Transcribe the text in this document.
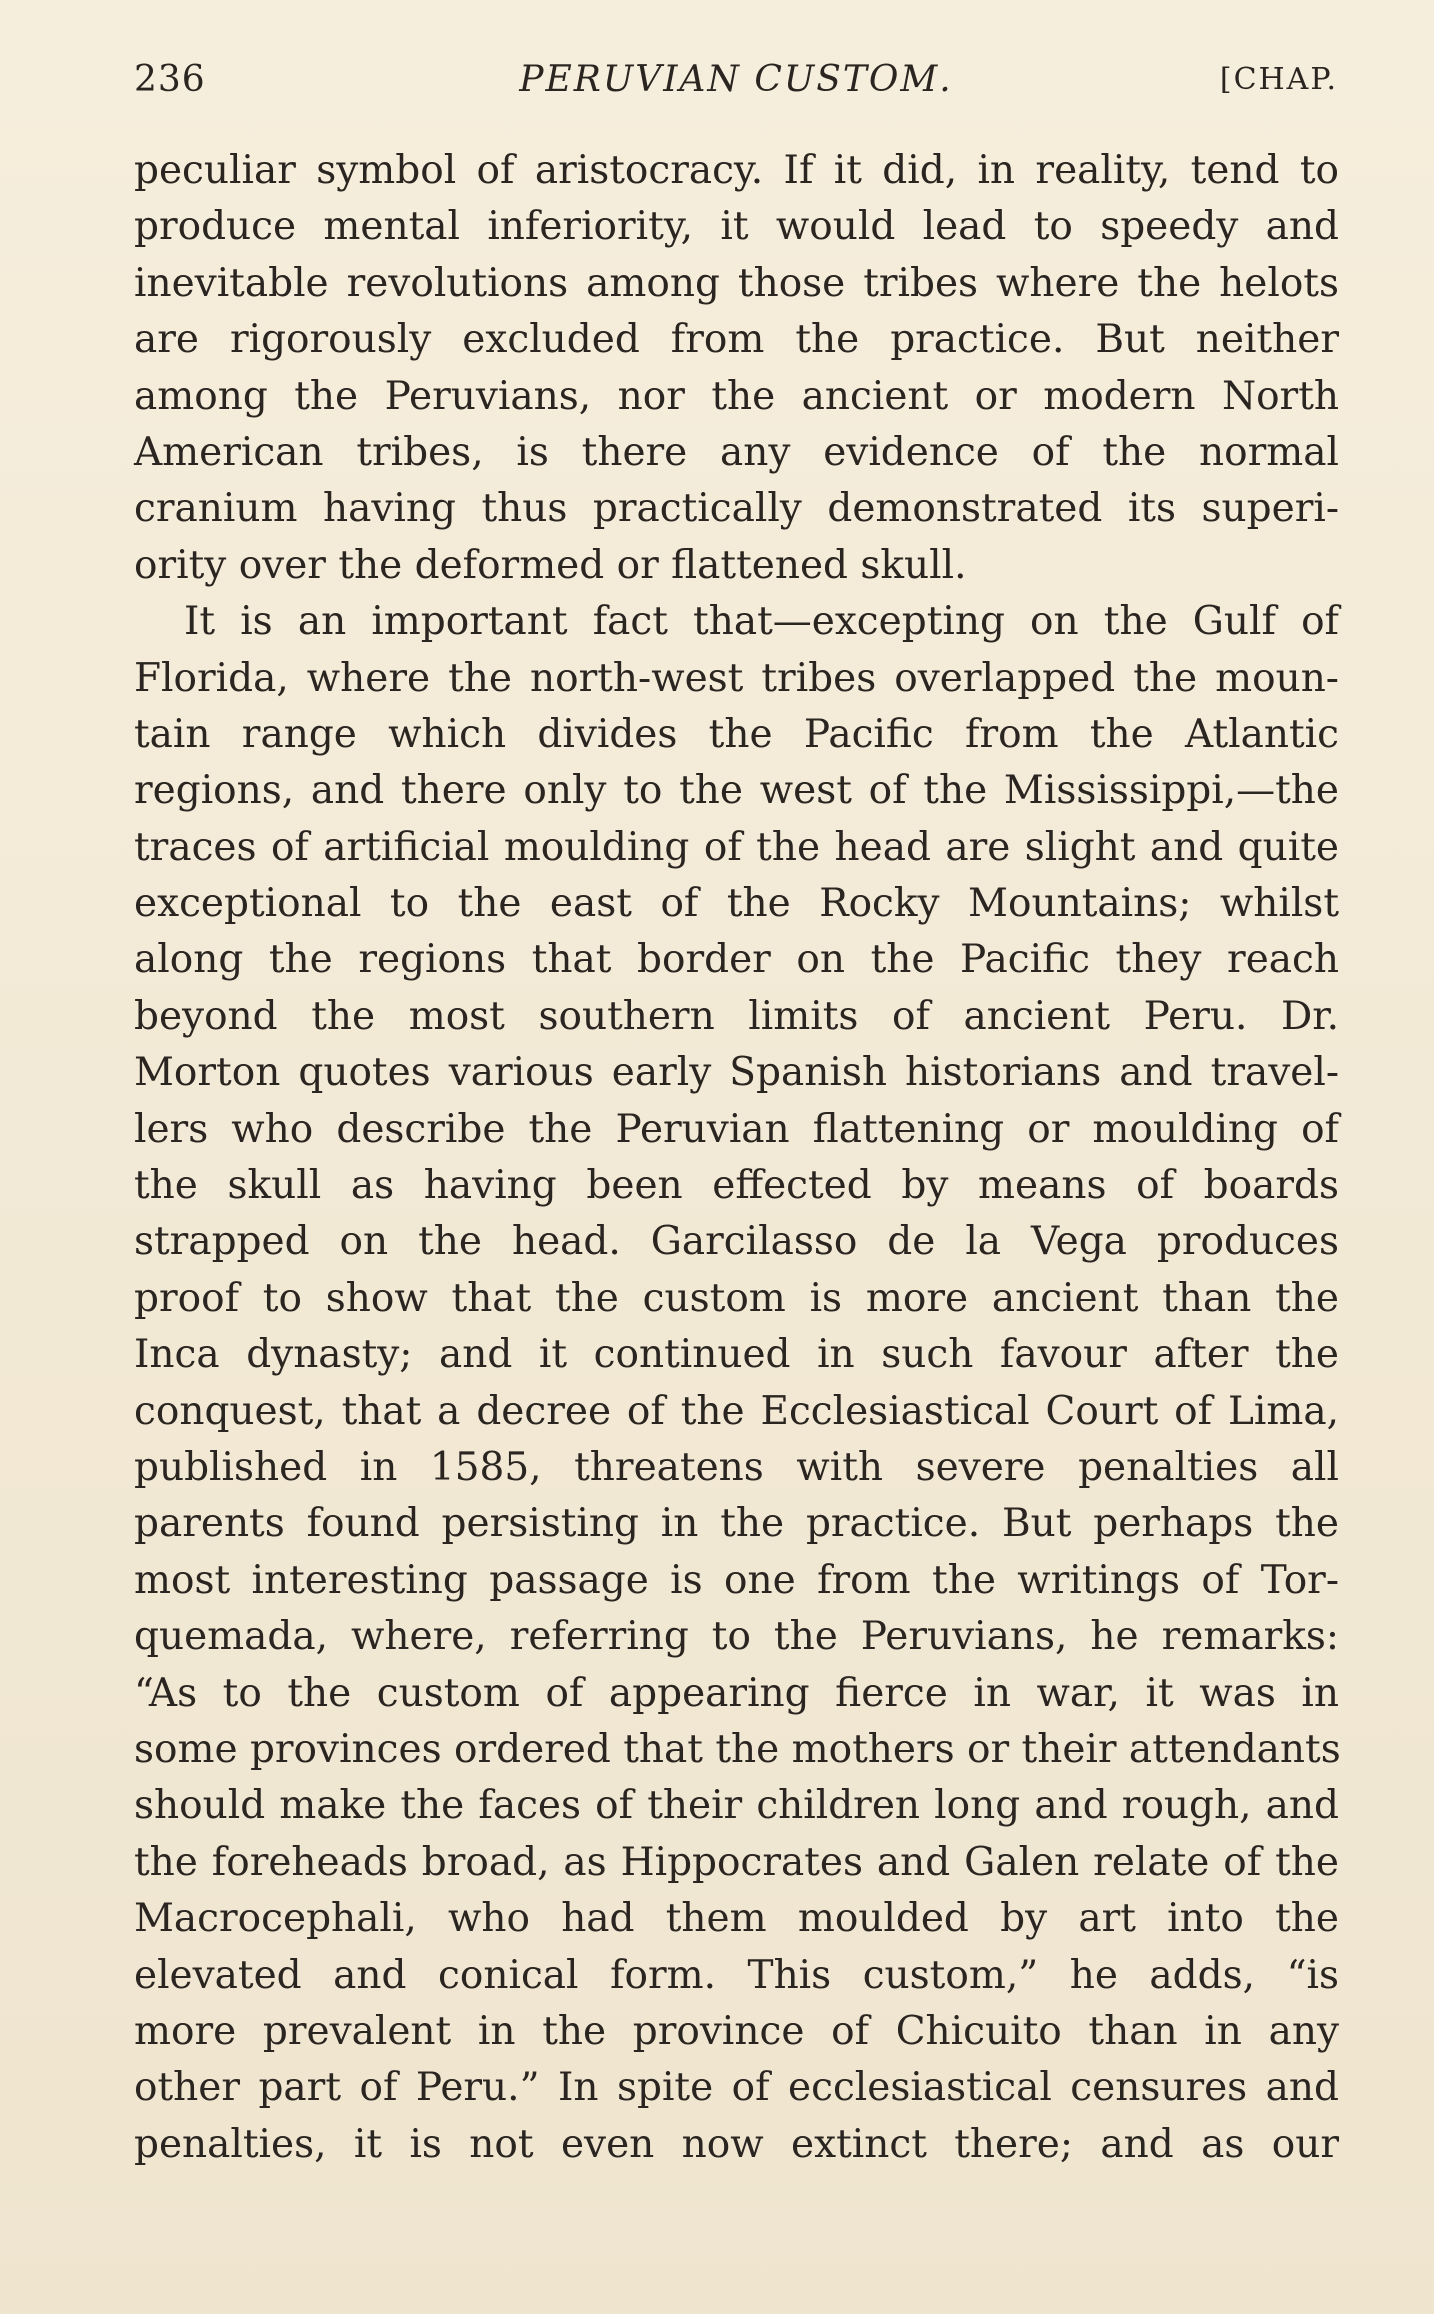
236	PERUVIAN CUSTOM.	[CHAP.
peculiar symbol of aristocracy. If it did, in reality, tend to
produce mental inferiority, it would lead to speedy and
inevitable revolutions among those tribes where the helots
are rigorously excluded from the practice. But neither
among the Peruvians, nor the ancient or modern North
American tribes, is there any evidence of the normal
cranium having thus practically demonstrated its superi-
ority over the deformed or flattened skull.
It is an important fact that—excepting on the Gulf of
Florida, where the north-west tribes overlapped the moun-
tain range which divides the Pacific from the Atlantic
regions, and there only to the west of the Mississippi,—the
traces of artificial moulding of the head are slight and quite
exceptional to the east of the Rocky Mountains; whilst
along the regions that border on the Pacific they reach
beyond the most southern limits of ancient Peru. Dr.
Morton quotes various early Spanish historians and travel-
lers who describe the Peruvian flattening or moulding of
the skull as having been effected by means of boards
strapped on the head. Garcilasso de la Vega produces
proof to show that the custom is more ancient than the
Inca dynasty; and it continued in such favour after the
conquest, that a decree of the Ecclesiastical Court of Lima,
published in 1585, threatens with severe penalties all
parents found persisting in the practice. But perhaps the
most interesting passage is one from the writings of Tor-
quemada, where, referring to the Peruvians, he remarks:
“As to the custom of appearing fierce in war, it was in
some provinces ordered that the mothers or their attendants
should make the faces of their children long and rough, and
the foreheads broad, as Hippocrates and Galen relate of the
Macrocephali, who had them moulded by art into the
elevated and conical form. This custom,” he adds, “is
more prevalent in the province of Chicuito than in any
other part of Peru.” In spite of ecclesiastical censures and
penalties, it is not even now extinct there; and as our
